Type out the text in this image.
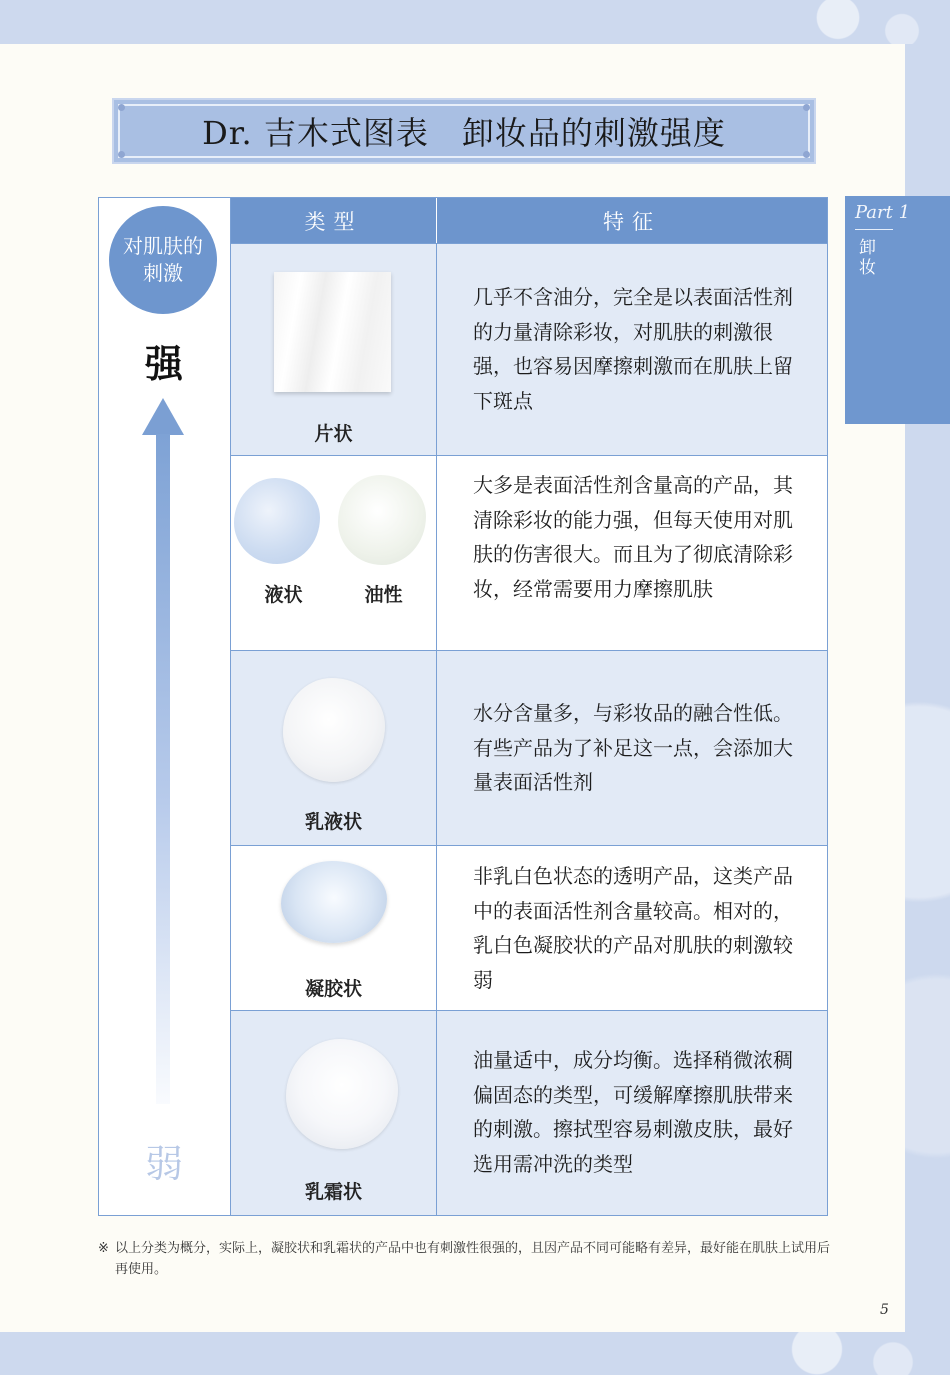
Dr. 吉木式图表　卸妆品的刺激强度
Part 1
卸妆
对肌肤的
刺激
强
弱
类型	特征
片状
几乎不含油分，完全是以表面活性剂的力量清除彩妆，对肌肤的刺激很强，也容易因摩擦刺激而在肌肤上留下斑点
液状	油性
大多是表面活性剂含量高的产品，其清除彩妆的能力强，但每天使用对肌肤的伤害很大。而且为了彻底清除彩妆，经常需要用力摩擦肌肤
乳液状
水分含量多，与彩妆品的融合性低。有些产品为了补足这一点，会添加大量表面活性剂
凝胶状
非乳白色状态的透明产品，这类产品中的表面活性剂含量较高。相对的，乳白色凝胶状的产品对肌肤的刺激较弱
乳霜状
油量适中，成分均衡。选择稍微浓稠偏固态的类型，可缓解摩擦肌肤带来的刺激。擦拭型容易刺激皮肤，最好选用需冲洗的类型
※ 以上分类为概分，实际上，凝胶状和乳霜状的产品中也有刺激性很强的，且因产品不同可能略有差异，最好能在肌肤上试用后再使用。
5
